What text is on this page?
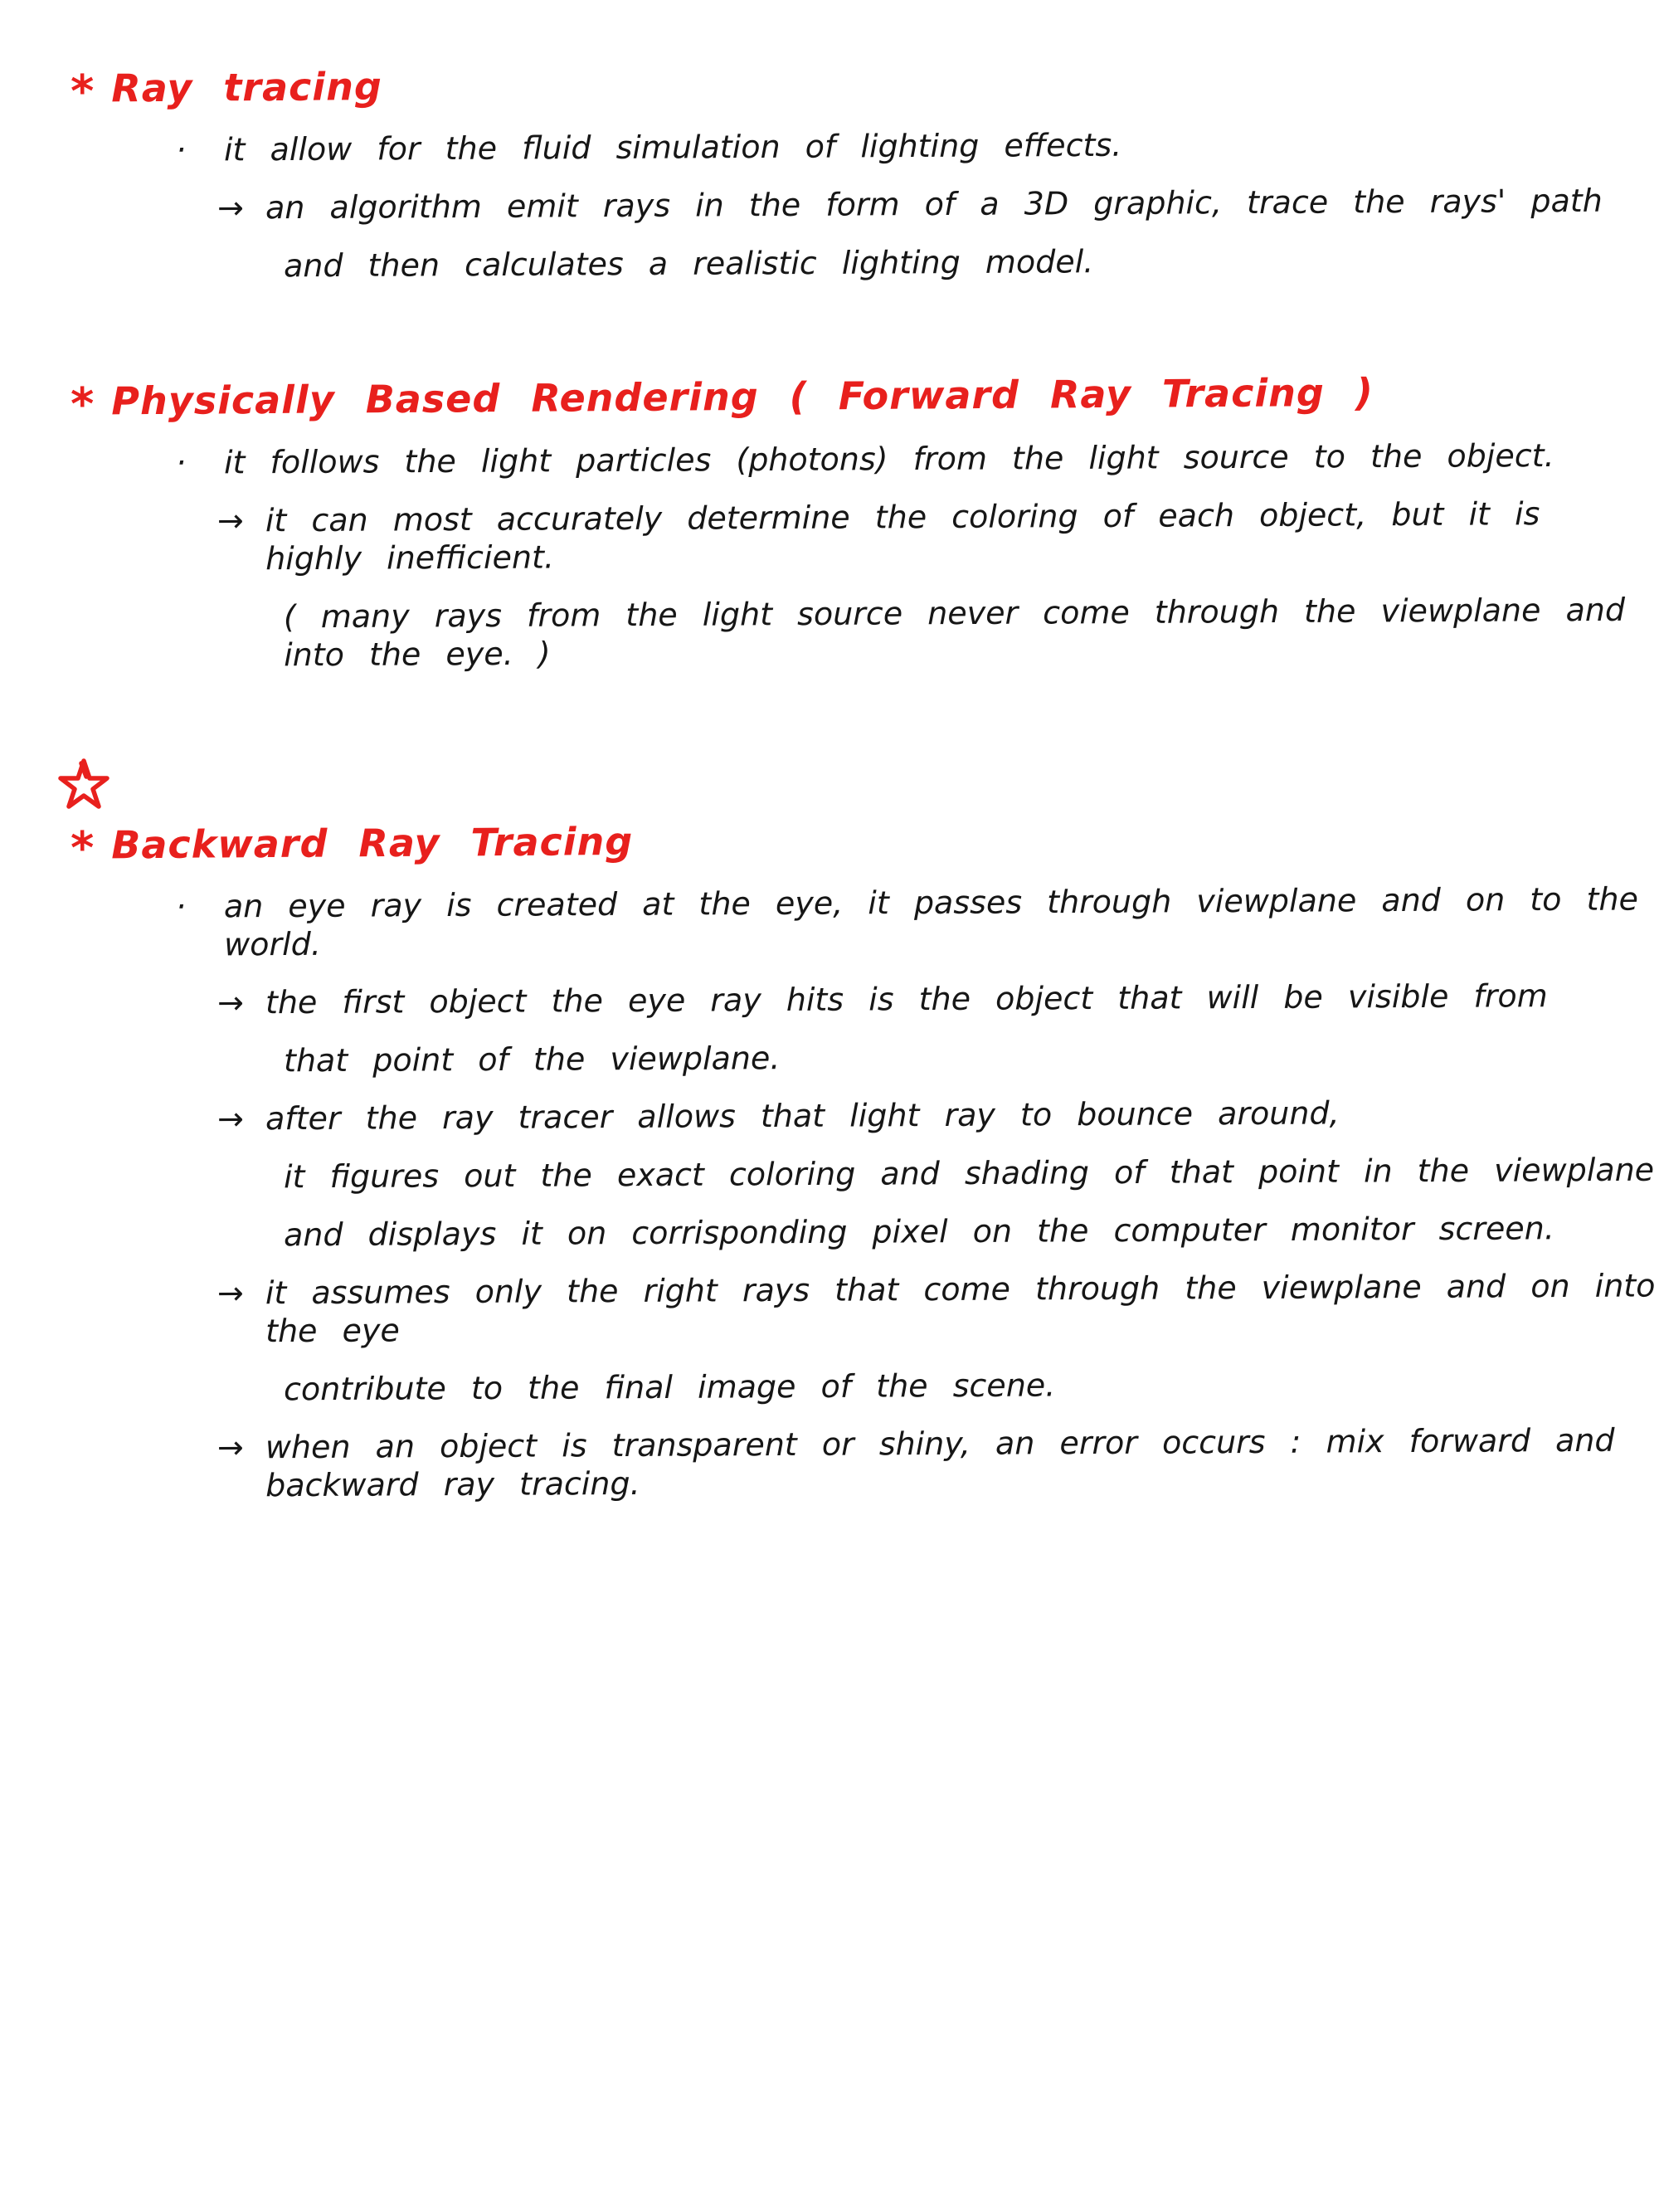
* Ray tracing
·	it allow for the fluid simulation of lighting effects.
→ an algorithm emit rays in the form of a 3D graphic, trace the rays' path
and then calculates a realistic lighting model.
* Physically Based Rendering ( Forward Ray Tracing )
·	it follows the light particles (photons) from the light source to the object.
→ it can most accurately determine the coloring of each object, but it is highly inefficient.
( many rays from the light source never come through the viewplane and into the eye. )
* Backward Ray Tracing
·	an eye ray is created at the eye, it passes through viewplane and on to the world.
→ the first object the eye ray hits is the object that will be visible from
that point of the viewplane.
→ after the ray tracer allows that light ray to bounce around,
it figures out the exact coloring and shading of that point in the viewplane
and displays it on corrisponding pixel on the computer monitor screen.
→ it assumes only the right rays that come through the viewplane and on into the eye
contribute to the final image of the scene.
→ when an object is transparent or shiny, an error occurs : mix forward and backward ray tracing.
